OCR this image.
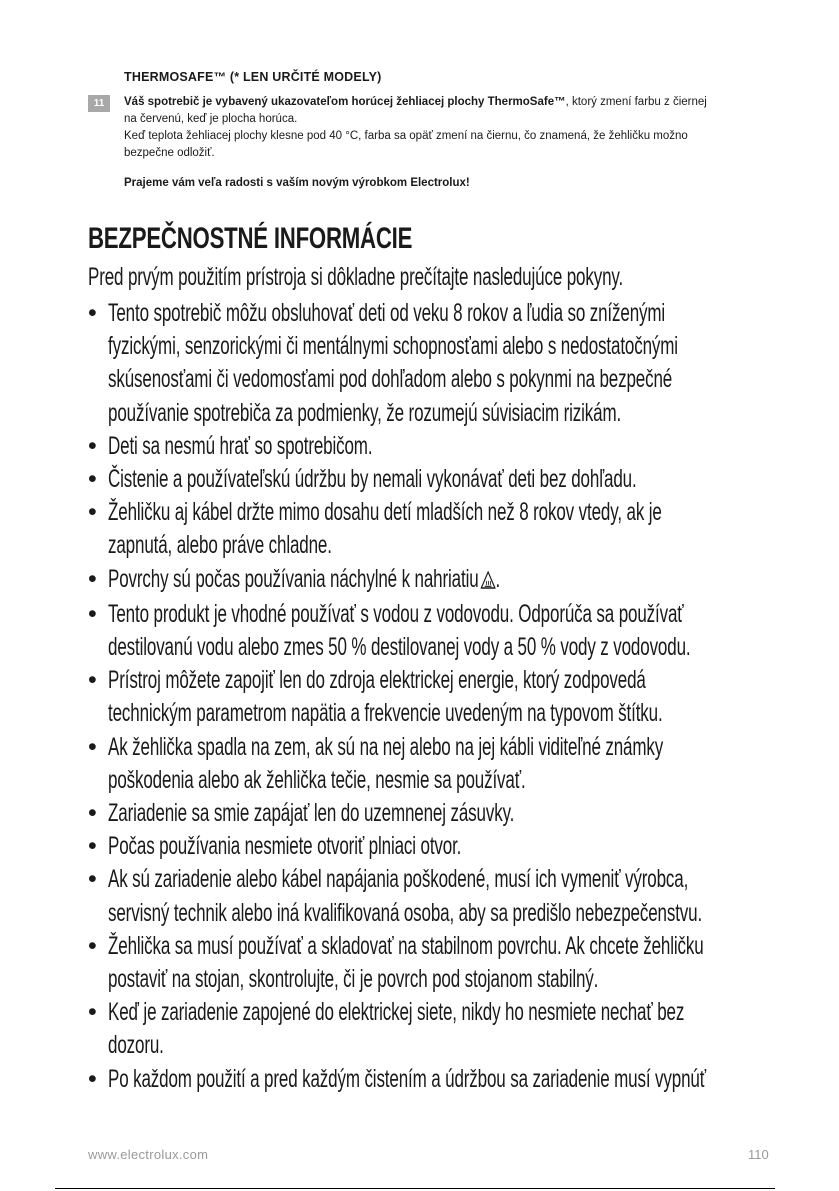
THERMOSAFE™ (* LEN URČITÉ MODELY)
11	Váš spotrebič je vybavený ukazovateľom horúcej žehliacej plochy ThermoSafe™, ktorý zmení farbu z čiernej

na červenú, keď je plocha horúca.

Keď teplota žehliacej plochy klesne pod 40 °C, farba sa opäť zmení na čiernu, čo znamená, že žehličku možno

bezpečne odložiť.

Prajeme vám veľa radosti s vaším novým výrobkom Electrolux!
BEZPEČNOSTNÉ INFORMÁCIE
Pred prvým použitím prístroja si dôkladne prečítajte nasledujúce pokyny.
• Tento spotrebič môžu obsluhovať deti od veku 8 rokov a ľudia so zníženými
fyzickými, senzorickými či mentálnymi schopnosťami alebo s nedostatočnými
skúsenosťami či vedomosťami pod dohľadom alebo s pokynmi na bezpečné
používanie spotrebiča za podmienky, že rozumejú súvisiacim rizikám.
• Deti sa nesmú hrať so spotrebičom.
• Čistenie a používateľskú údržbu by nemali vykonávať deti bez dohľadu.
• Žehličku aj kábel držte mimo dosahu detí mladších než 8 rokov vtedy, ak je
zapnutá, alebo práve chladne.
• Povrchy sú počas používania náchylné k nahriatiu .
• Tento produkt je vhodné používať s vodou z vodovodu. Odporúča sa používať
destilovanú vodu alebo zmes 50 % destilovanej vody a 50 % vody z vodovodu.
• Prístroj môžete zapojiť len do zdroja elektrickej energie, ktorý zodpovedá
technickým parametrom napätia a frekvencie uvedeným na typovom štítku.
• Ak žehlička spadla na zem, ak sú na nej alebo na jej kábli viditeľné známky
poškodenia alebo ak žehlička tečie, nesmie sa používať.
• Zariadenie sa smie zapájať len do uzemnenej zásuvky.
• Počas používania nesmiete otvoriť plniaci otvor.
• Ak sú zariadenie alebo kábel napájania poškodené, musí ich vymeniť výrobca,
servisný technik alebo iná kvalifikovaná osoba, aby sa predišlo nebezpečenstvu.
• Žehlička sa musí používať a skladovať na stabilnom povrchu. Ak chcete žehličku
postaviť na stojan, skontrolujte, či je povrch pod stojanom stabilný.
• Keď je zariadenie zapojené do elektrickej siete, nikdy ho nesmiete nechať bez
dozoru.
• Po každom použití a pred každým čistením a údržbou sa zariadenie musí vypnúť
www.electrolux.com	110
